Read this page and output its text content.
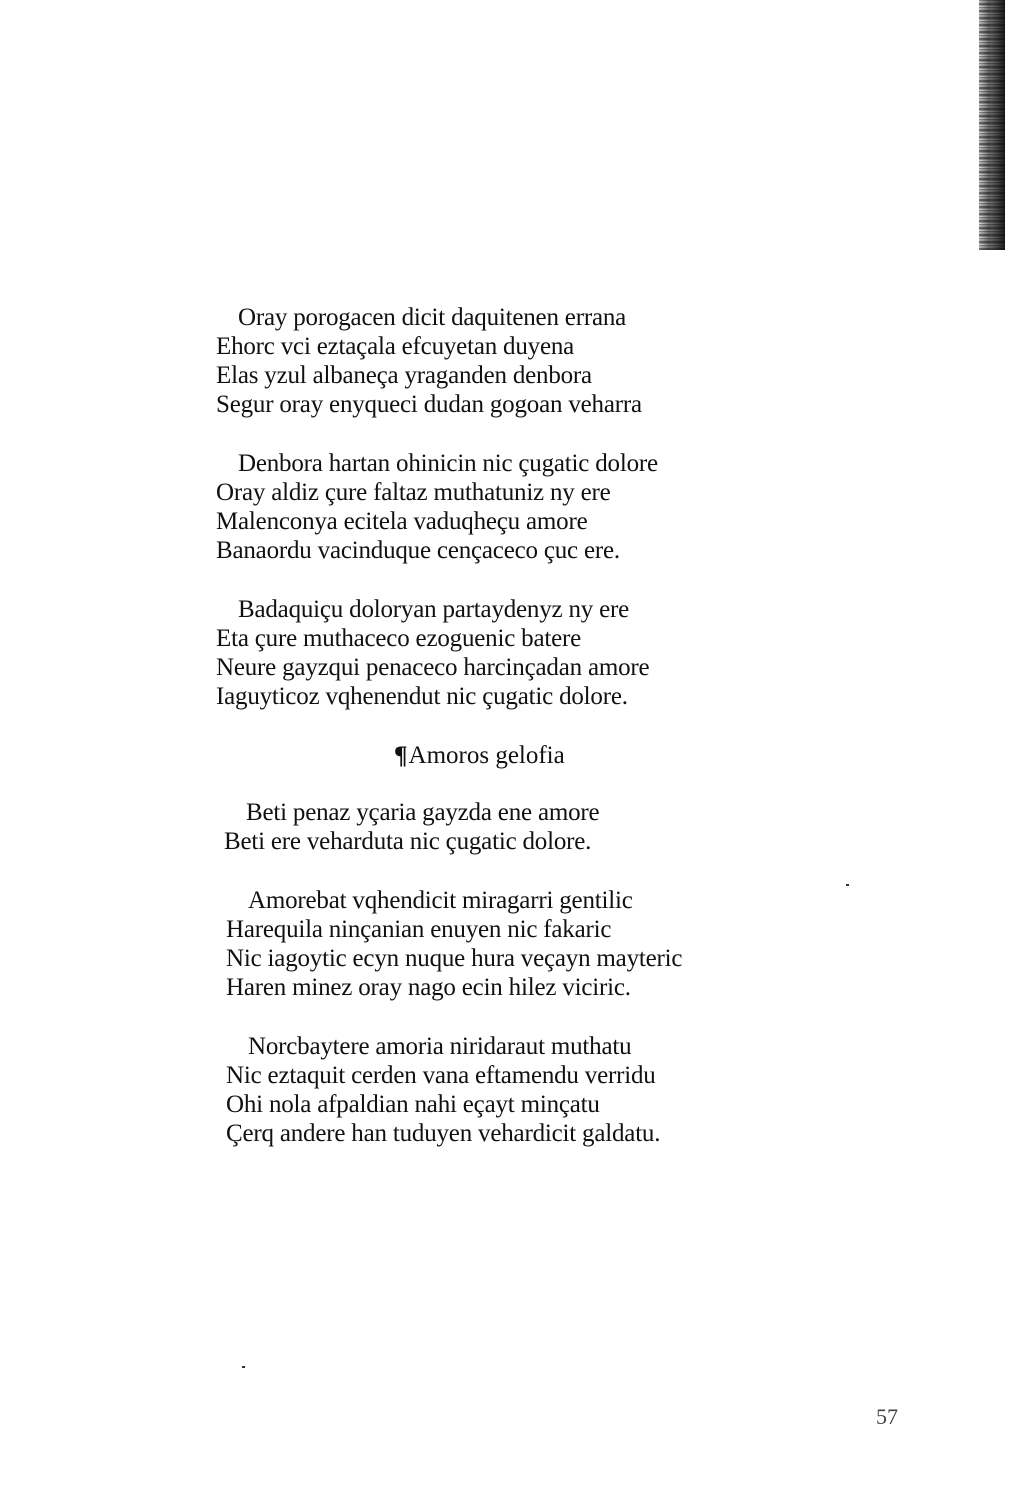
Oray porogacen dicit daquitenen errana
Ehorc vci eztaçala efcuyetan duyena
Elas yzul albaneça yraganden denbora
Segur oray enyqueci dudan gogoan veharra
Denbora hartan ohinicin nic çugatic dolore
Oray aldiz çure faltaz muthatuniz ny ere
Malenconya ecitela vaduqheçu amore
Banaordu vacinduque cençaceco çuc ere.
Badaquiçu doloryan partaydenyz ny ere
Eta çure muthaceco ezoguenic batere
Neure gayzqui penaceco harcinçadan amore
Iaguyticoz vqhenendut nic çugatic dolore.
¶Amoros gelofia
Beti penaz yçaria gayzda ene amore
Beti ere veharduta nic çugatic dolore.
Amorebat vqhendicit miragarri gentilic
Harequila ninçanian enuyen nic fakaric
Nic iagoytic ecyn nuque hura veçayn mayteric
Haren minez oray nago ecin hilez viciric.
Norcbaytere amoria niridaraut muthatu
Nic eztaquit cerden vana eftamendu verridu
Ohi nola afpaldian nahi eçayt minçatu
Çerq andere han tuduyen vehardicit galdatu.
57
